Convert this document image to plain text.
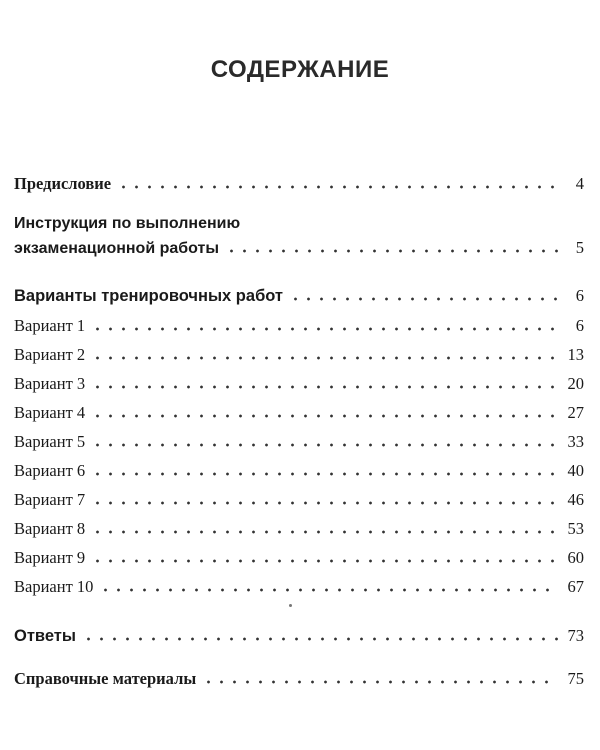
СОДЕРЖАНИЕ
Предисловие	4
Инструкция по выполнению
экзаменационной работы	5
Варианты тренировочных работ	6
Вариант 1	6
Вариант 2	13
Вариант 3	20
Вариант 4	27
Вариант 5	33
Вариант 6	40
Вариант 7	46
Вариант 8	53
Вариант 9	60
Вариант 10	67
Ответы	73
Справочные материалы	75
